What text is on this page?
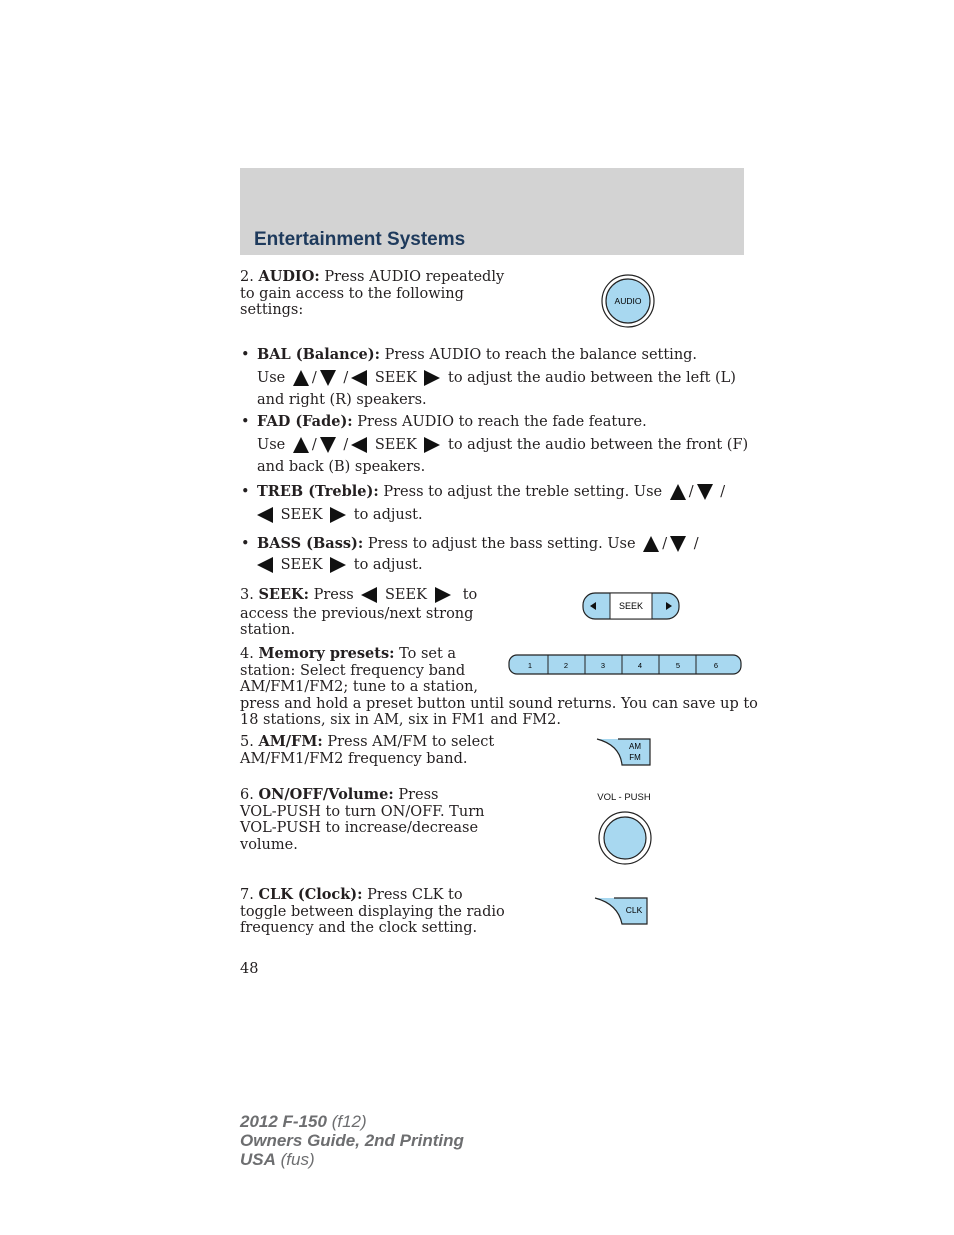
Entertainment Systems
2. AUDIO: Press AUDIO repeatedly
to gain access to the following
settings:
AUDIO
• BAL (Balance): Press AUDIO to reach the balance setting.
Use / / SEEK to adjust the audio between the left (L)
and right (R) speakers.
• FAD (Fade): Press AUDIO to reach the fade feature.
Use / / SEEK to adjust the audio between the front (F)
and back (B) speakers.
• TREB (Treble): Press to adjust the treble setting. Use / /
SEEK to adjust.
• BASS (Bass): Press to adjust the bass setting. Use / /
SEEK to adjust.
3. SEEK: Press SEEK to
access the previous/next strong
station.
SEEK
4. Memory presets: To set a
station: Select frequency band
AM/FM1/FM2; tune to a station,
press and hold a preset button until sound returns. You can save up to
18 stations, six in AM, six in FM1 and FM2.
1	2	3	4	5	6
5. AM/FM: Press AM/FM to select
AM/FM1/FM2 frequency band.
AM
FM
6. ON/OFF/Volume: Press
VOL-PUSH to turn ON/OFF. Turn
VOL-PUSH to increase/decrease
volume.
VOL - PUSH
7. CLK (Clock): Press CLK to
toggle between displaying the radio
frequency and the clock setting.
CLK
48
2012 F-150 (f12)
Owners Guide, 2nd Printing
USA (fus)
